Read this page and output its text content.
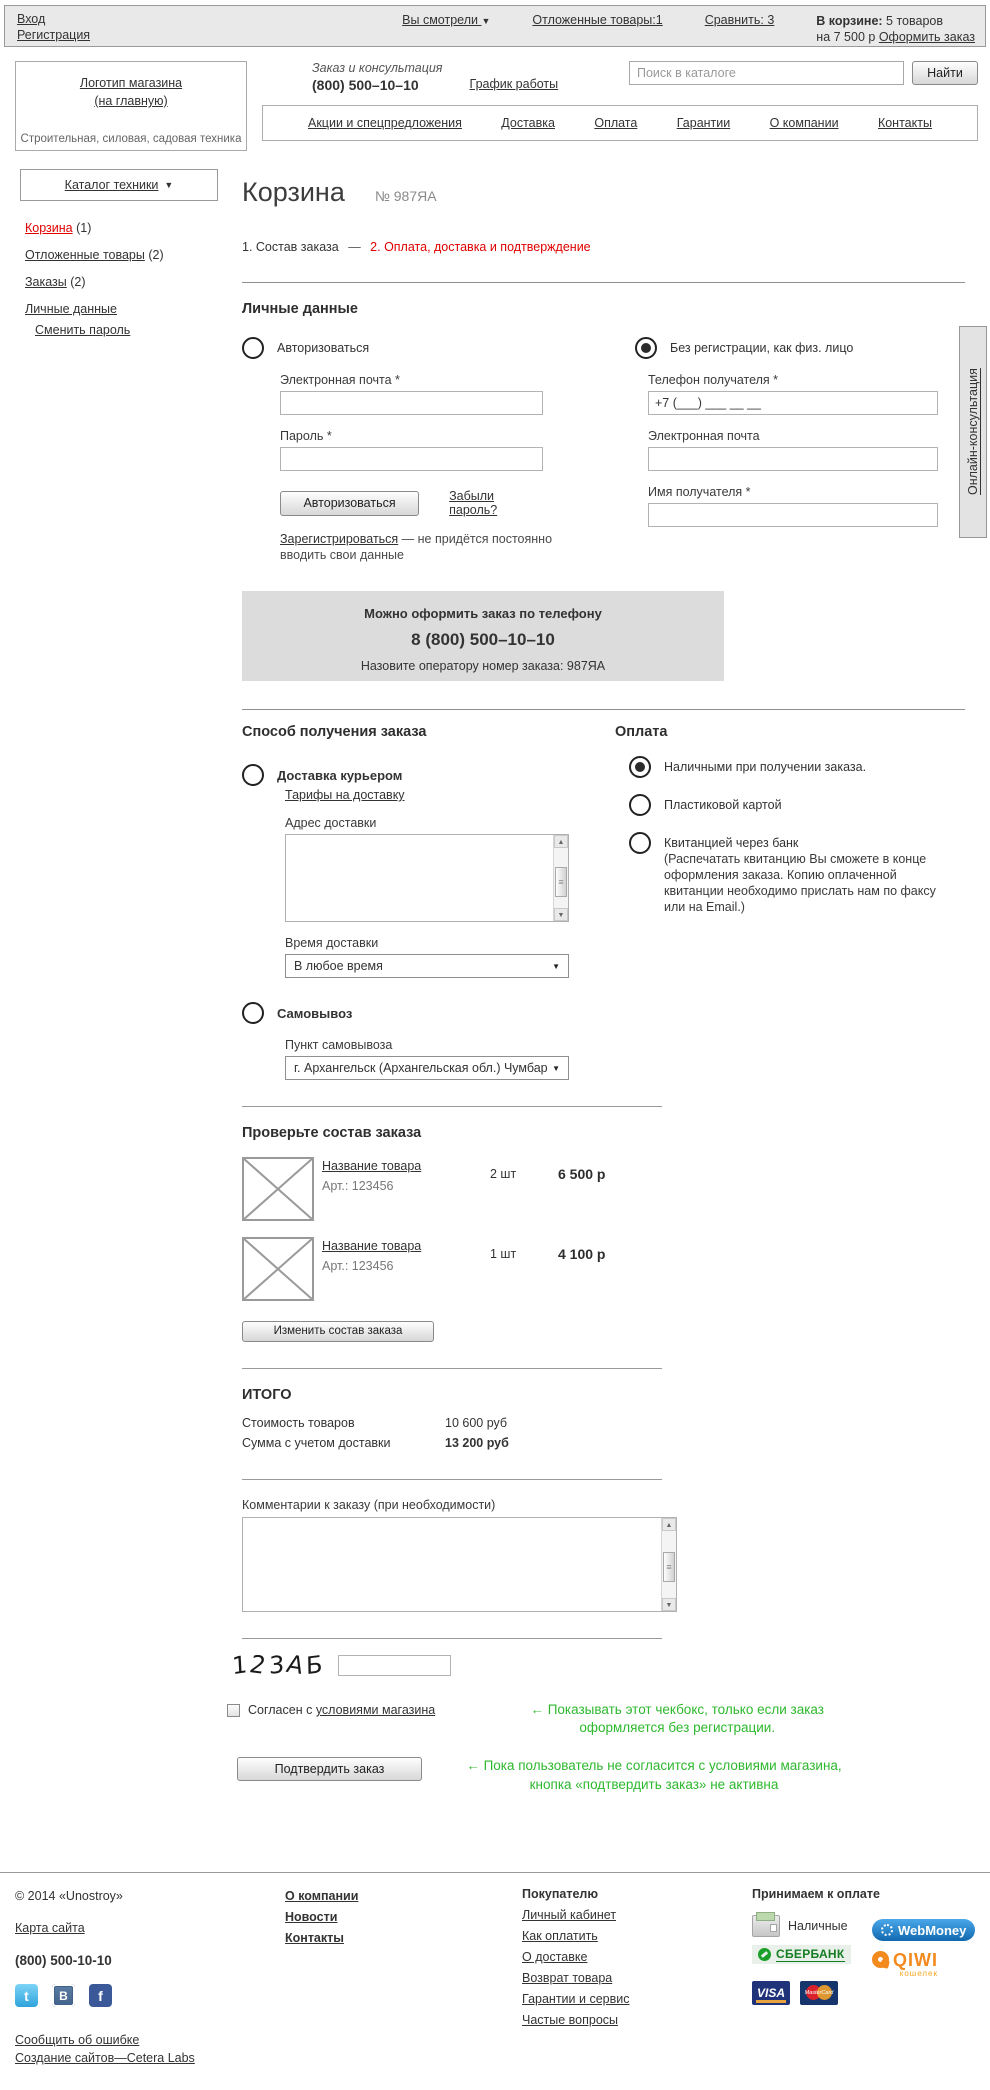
Вход
Регистрация
Вы смотрели ▼	Отложенные товары:1	Сравнить: 3	В корзине: 5 товаров
на 7 500 р Оформить заказ
Логотип магазина
(на главную)
Строительная, силовая, садовая техника
Заказ и консультация
(800) 500–10–10	График работы
Поиск в каталоге
Найти
Акции и спецпредложения	Доставка	Оплата	Гарантии	О компании	Контакты
Каталог техники ▼
Корзина (1)
Отложенные товары (2)
Заказы (2)
Личные данные
Сменить пароль
Корзина № 987ЯА
1. Состав заказа — 2. Оплата, доставка и подтверждение
Личные данные
Авторизоваться
Электронная почта *
Пароль *
Авторизоваться	Забыли пароль?
Зарегистрироваться — не придётся постоянно вводить свои данные
Без регистрации, как физ. лицо
Телефон получателя *
+7 (___) ___ __ __
Электронная почта
Имя получателя *
Можно оформить заказ по телефону
8 (800) 500–10–10
Назовите оператору номер заказа: 987ЯА
Способ получения заказа
Доставка курьером
Тарифы на доставку
Адрес доставки
▲
≡
▼
Время доставки
В любое время	▼
Самовывоз
Пункт самовывоза
г. Архангельск (Архангельская обл.) Чумбар ▼
Оплата
Наличными при получении заказа.
Пластиковой картой
Квитанцией через банк
(Распечатать квитанцию Вы сможете в конце оформления заказа. Копию оплаченной квитанции необходимо прислать нам по факсу или на Email.)
Проверьте состав заказа
Название товара
Арт.: 123456
2 шт	6 500 р
Название товара
Арт.: 123456
1 шт	4 100 р
Изменить состав заказа
ИТОГО
Стоимость товаров	10 600 руб
Сумма с учетом доставки	13 200 руб
Комментарии к заказу (при необходимости)
▲
≡
▼
123АБ
Согласен с условиями магазина	← Показывать этот чекбокс, только если заказ оформляется без регистрации.
Подтвердить заказ	← Пока пользователь не согласится с условиями магазина, кнопка «подтвердить заказ» не активна
Онлайн-консультация
© 2014 «Unostroy»
Карта сайта
(800) 500-10-10
t	В	f
Сообщить об ошибке
Создание сайтов—Cetera Labs
О компании
Новости
Контакты
Покупателю
Личный кабинет
Как оплатить
О доставке
Возврат товара
Гарантии и сервис
Частые вопросы
Принимаем к оплате
Наличные	WebMoney
СБЕРБАНК	QIWI
кошелек
VISA	MasterCard
